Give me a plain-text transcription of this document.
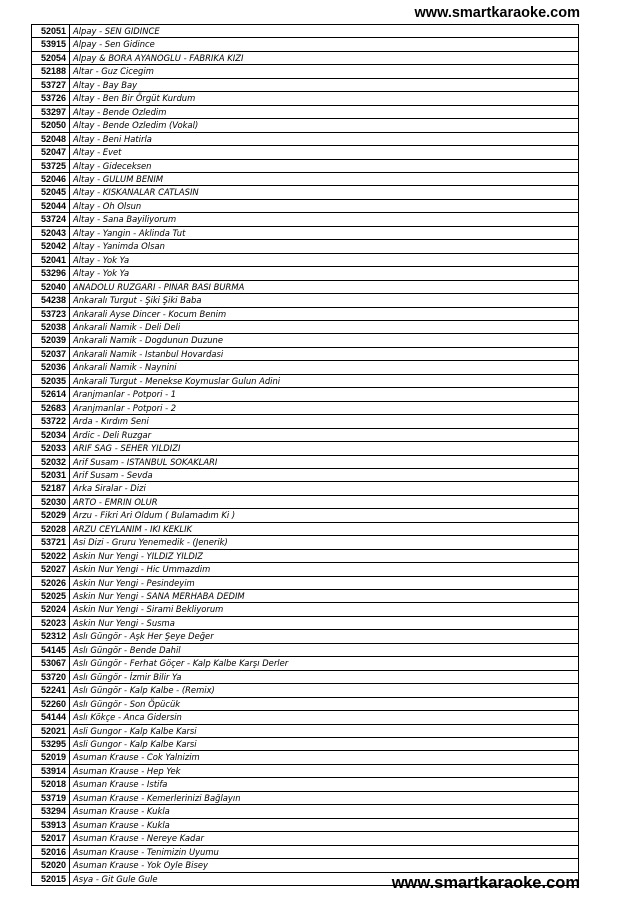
www.smartkaraoke.com
52051	Alpay - SEN GIDINCE
53915	Alpay - Sen Gidince
52054	Alpay & BORA AYANOGLU - FABRIKA KIZI
52188	Altar - Guz Cicegim
53727	Altay - Bay Bay
53726	Altay - Ben Bir Örgüt Kurdum
53297	Altay - Bende Ozledim
52050	Altay - Bende Ozledim (Vokal)
52048	Altay - Beni Hatirla
52047	Altay - Evet
53725	Altay - Gideceksen
52046	Altay - GULUM BENIM
52045	Altay - KISKANALAR CATLASIN
52044	Altay - Oh Olsun
53724	Altay - Sana Bayiliyorum
52043	Altay - Yangin - Aklinda Tut
52042	Altay - Yanimda Olsan
52041	Altay - Yok Ya
53296	Altay - Yok Ya
52040	ANADOLU RUZGARI - PINAR BASI BURMA
54238	Ankaralı Turgut - Şiki Şiki Baba
53723	Ankarali Ayse Dincer - Kocum Benim
52038	Ankarali Namik - Deli Deli
52039	Ankarali Namik - Dogdunun Duzune
52037	Ankarali Namik - Istanbul Hovardasi
52036	Ankarali Namik - Naynini
52035	Ankarali Turgut - Menekse Koymuslar Gulun Adini
52614	Aranjmanlar - Potpori - 1
52683	Aranjmanlar - Potpori - 2
53722	Arda - Kırdım Seni
52034	Ardic - Deli Ruzgar
52033	ARIF SAG - SEHER YILDIZI
52032	Arif Susam - ISTANBUL SOKAKLARI
52031	Arif Susam - Sevda
52187	Arka Siralar - Dizi
52030	ARTO - EMRIN OLUR
52029	Arzu - Fikri Ari Oldum ( Bulamadım Ki )
52028	ARZU CEYLANIM - IKI KEKLIK
53721	Asi Dizi - Gruru Yenemedik - (Jenerik)
52022	Askin Nur Yengi - YILDIZ YILDIZ
52027	Askin Nur Yengi - Hic Ummazdim
52026	Askin Nur Yengi - Pesindeyim
52025	Askin Nur Yengi - SANA MERHABA DEDIM
52024	Askin Nur Yengi - Sirami Bekliyorum
52023	Askin Nur Yengi - Susma
52312	Aslı Güngör - Aşk Her Şeye Değer
54145	Aslı Güngör - Bende Dahil
53067	Aslı Güngör - Ferhat Göçer - Kalp Kalbe Karşı Derler
53720	Aslı Güngör - İzmir Bilir Ya
52241	Aslı Güngör - Kalp Kalbe - (Remix)
52260	Aslı Güngör - Son Öpücük
54144	Aslı Kökçe - Anca Gidersin
52021	Asli Gungor - Kalp Kalbe Karsi
53295	Asli Gungor - Kalp Kalbe Karsi
52019	Asuman Krause - Cok Yalnizim
53914	Asuman Krause - Hep Yek
52018	Asuman Krause - Istifa
53719	Asuman Krause - Kemerlerinizi Bağlayın
53294	Asuman Krause - Kukla
53913	Asuman Krause - Kukla
52017	Asuman Krause - Nereye Kadar
52016	Asuman Krause - Tenimizin Uyumu
52020	Asuman Krause - Yok Oyle Bisey
52015	Asya - Git Gule Gule	www.smartkaraoke.com
